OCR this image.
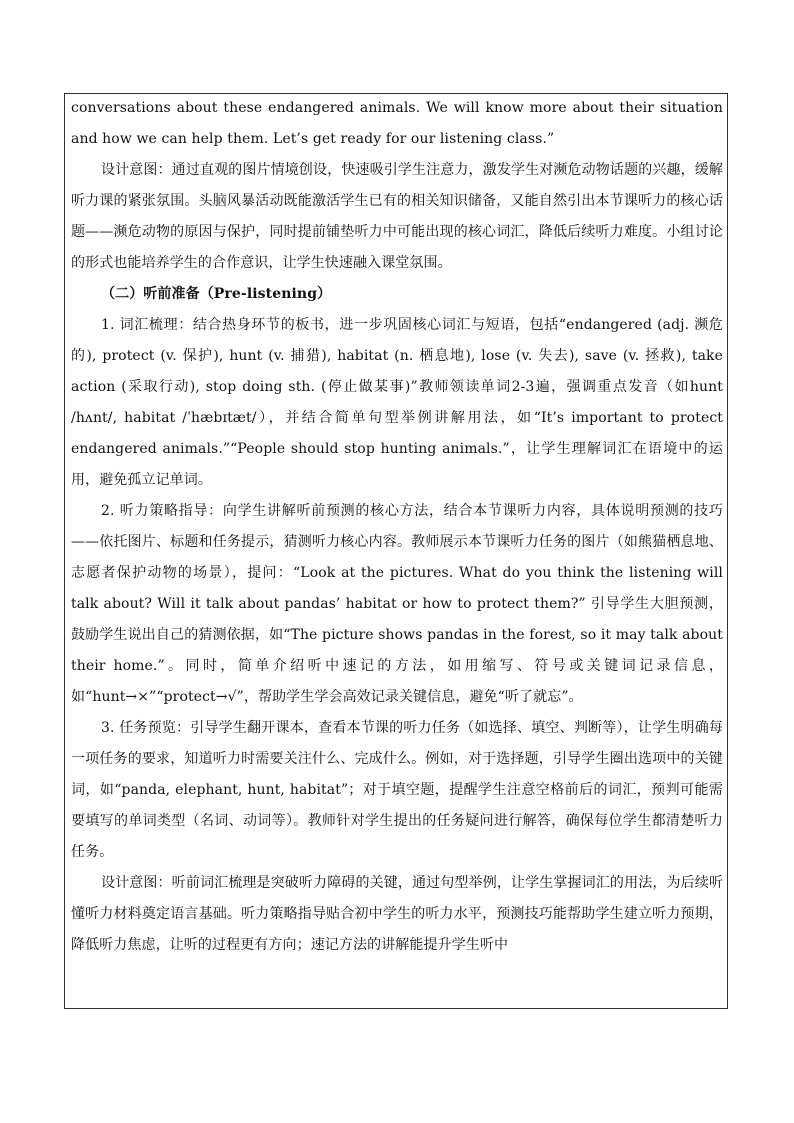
conversations about these endangered animals. We will know more about their situation and how we can help them. Let’s get ready for our listening class.”

设计意图：通过直观的图片情境创设，快速吸引学生注意力，激发学生对濒危动物话题的兴趣，缓解听力课的紧张氛围。头脑风暴活动既能激活学生已有的相关知识储备，又能自然引出本节课听力的核心话题——濒危动物的原因与保护，同时提前铺垫听力中可能出现的核心词汇，降低后续听力难度。小组讨论的形式也能培养学生的合作意识，让学生快速融入课堂氛围。

（二）听前准备（Pre-listening）

1. 词汇梳理：结合热身环节的板书，进一步巩固核心词汇与短语，包括“endangered (adj. 濒危的), protect (v. 保护), hunt (v. 捕猎), habitat (n. 栖息地), lose (v. 失去), save (v. 拯救), take action (采取行动), stop doing sth. (停止做某事)”教师领读单词2-3遍，强调重点发音（如hunt /hʌnt/, habitat /ˈhæbɪtæt/），并结合简单句型举例讲解用法，如“It’s important to protect endangered animals.”“People should stop hunting animals.”，让学生理解词汇在语境中的运用，避免孤立记单词。

2. 听力策略指导：向学生讲解听前预测的核心方法，结合本节课听力内容，具体说明预测的技巧——依托图片、标题和任务提示，猜测听力核心内容。教师展示本节课听力任务的图片（如熊猫栖息地、志愿者保护动物的场景），提问：“Look at the pictures. What do you think the listening will talk about? Will it talk about pandas’ habitat or how to protect them?” 引导学生大胆预测，鼓励学生说出自己的猜测依据，如“The picture shows pandas in the forest, so it may talk about their home.”。同时，简单介绍听中速记的方法，如用缩写、符号或关键词记录信息，如“hunt→×”“protect→√”，帮助学生学会高效记录关键信息，避免“听了就忘”。

3. 任务预览：引导学生翻开课本，查看本节课的听力任务（如选择、填空、判断等），让学生明确每一项任务的要求，知道听力时需要关注什么、完成什么。例如，对于选择题，引导学生圈出选项中的关键词，如“panda, elephant, hunt, habitat”；对于填空题，提醒学生注意空格前后的词汇，预判可能需要填写的单词类型（名词、动词等）。教师针对学生提出的任务疑问进行解答，确保每位学生都清楚听力任务。

设计意图：听前词汇梳理是突破听力障碍的关键，通过句型举例，让学生掌握词汇的用法，为后续听懂听力材料奠定语言基础。听力策略指导贴合初中学生的听力水平，预测技巧能帮助学生建立听力预期，降低听力焦虑，让听的过程更有方向；速记方法的讲解能提升学生听中
